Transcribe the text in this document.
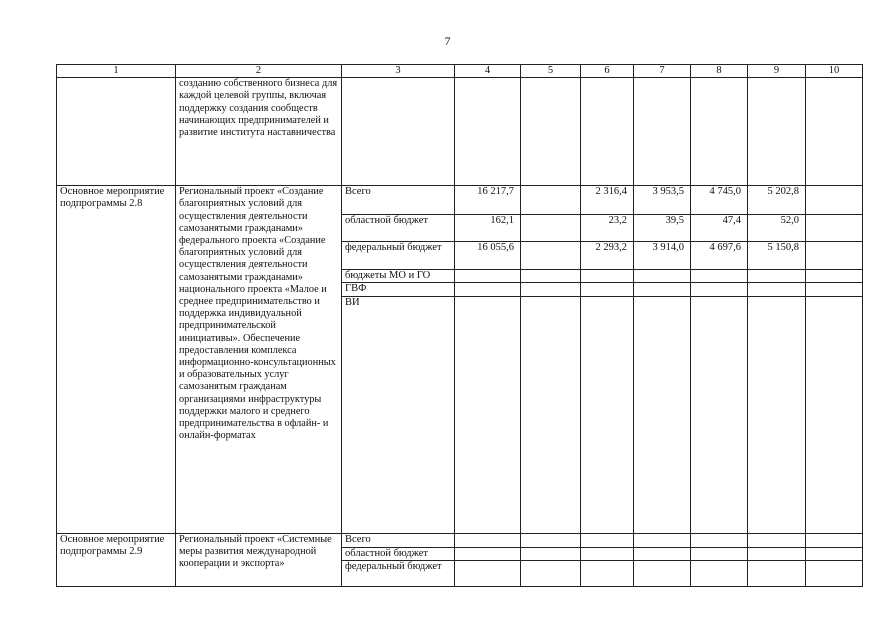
7
1	2	3	4	5	6	7	8	9	10
	созданию собственного бизнеса для каждой целевой группы, включая поддержку создания сообществ начинающих предпринимателей и развитие института наставничества								
Основное мероприятие подпрограммы 2.8	Региональный проект «Создание благоприятных условий для осуществления деятельности самозанятыми гражданами» федерального проекта «Создание благоприятных условий для осуществления деятельности самозанятыми гражданами» национального проекта «Малое и среднее предпринимательство и поддержка индивидуальной предпринимательской инициативы». Обеспечение предоставления комплекса информационно-консультационных и образовательных услуг самозанятым гражданам организациями инфраструктуры поддержки малого и среднего предпринимательства в офлайн- и онлайн-форматах	Всего	16 217,7		2 316,4	3 953,5	4 745,0	5 202,8	
		областной бюджет	162,1		23,2	39,5	47,4	52,0	
		федеральный бюджет	16 055,6		2 293,2	3 914,0	4 697,6	5 150,8	
		бюджеты МО и ГО							
		ГВФ							
		ВИ							
Основное мероприятие подпрограммы 2.9	Региональный проект «Системные меры развития международной кооперации и экспорта»	Всего							
		областной бюджет							
		федеральный бюджет							
